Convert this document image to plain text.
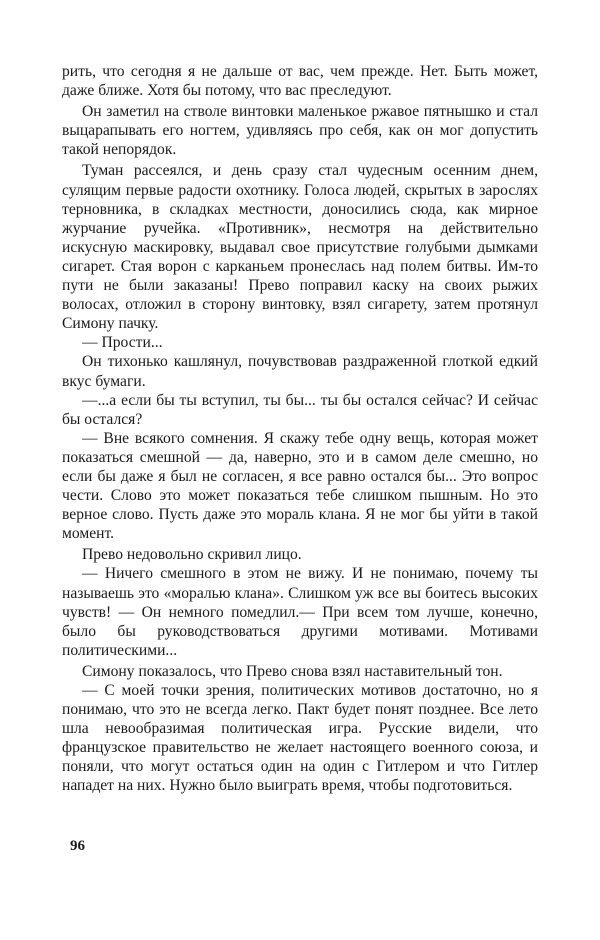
рить, что сегодня я не дальше от вас, чем прежде. Нет. Быть может, даже ближе. Хотя бы потому, что вас преследуют.

Он заметил на стволе винтовки маленькое ржавое пятнышко и стал выцарапывать его ногтем, удивляясь про себя, как он мог допустить такой непорядок.

Туман рассеялся, и день сразу стал чудесным осенним днем, сулящим первые радости охотнику. Голоса людей, скрытых в зарослях терновника, в складках местности, доносились сюда, как мирное журчание ручейка. «Противник», несмотря на действительно искусную маскировку, выдавал свое присутствие голубыми дымками сигарет. Стая ворон с карканьем пронеслась над полем битвы. Им-то пути не были заказаны! Прево поправил каску на своих рыжих волосах, отложил в сторону винтовку, взял сигарету, затем протянул Симону пачку.

— Прости...

Он тихонько кашлянул, почувствовав раздраженной глоткой едкий вкус бумаги.

—...а если бы ты вступил, ты бы... ты бы остался сейчас? И сейчас бы остался?

— Вне всякого сомнения. Я скажу тебе одну вещь, которая может показаться смешной — да, наверно, это и в самом деле смешно, но если бы даже я был не согласен, я все равно остался бы... Это вопрос чести. Слово это может показаться тебе слишком пышным. Но это верное слово. Пусть даже это мораль клана. Я не мог бы уйти в такой момент.

Прево недовольно скривил лицо.

— Ничего смешного в этом не вижу. И не понимаю, почему ты называешь это «моралью клана». Слишком уж все вы боитесь высоких чувств! — Он немного помедлил.— При всем том лучше, конечно, было бы руководствоваться другими мотивами. Мотивами политическими...

Симону показалось, что Прево снова взял наставительный тон.

— С моей точки зрения, политических мотивов достаточно, но я понимаю, что это не всегда легко. Пакт будет понят позднее. Все лето шла невообразимая политическая игра. Русские видели, что французское правительство не желает настоящего военного союза, и поняли, что могут остаться один на один с Гитлером и что Гитлер нападет на них. Нужно было выиграть время, чтобы подготовиться.

96
